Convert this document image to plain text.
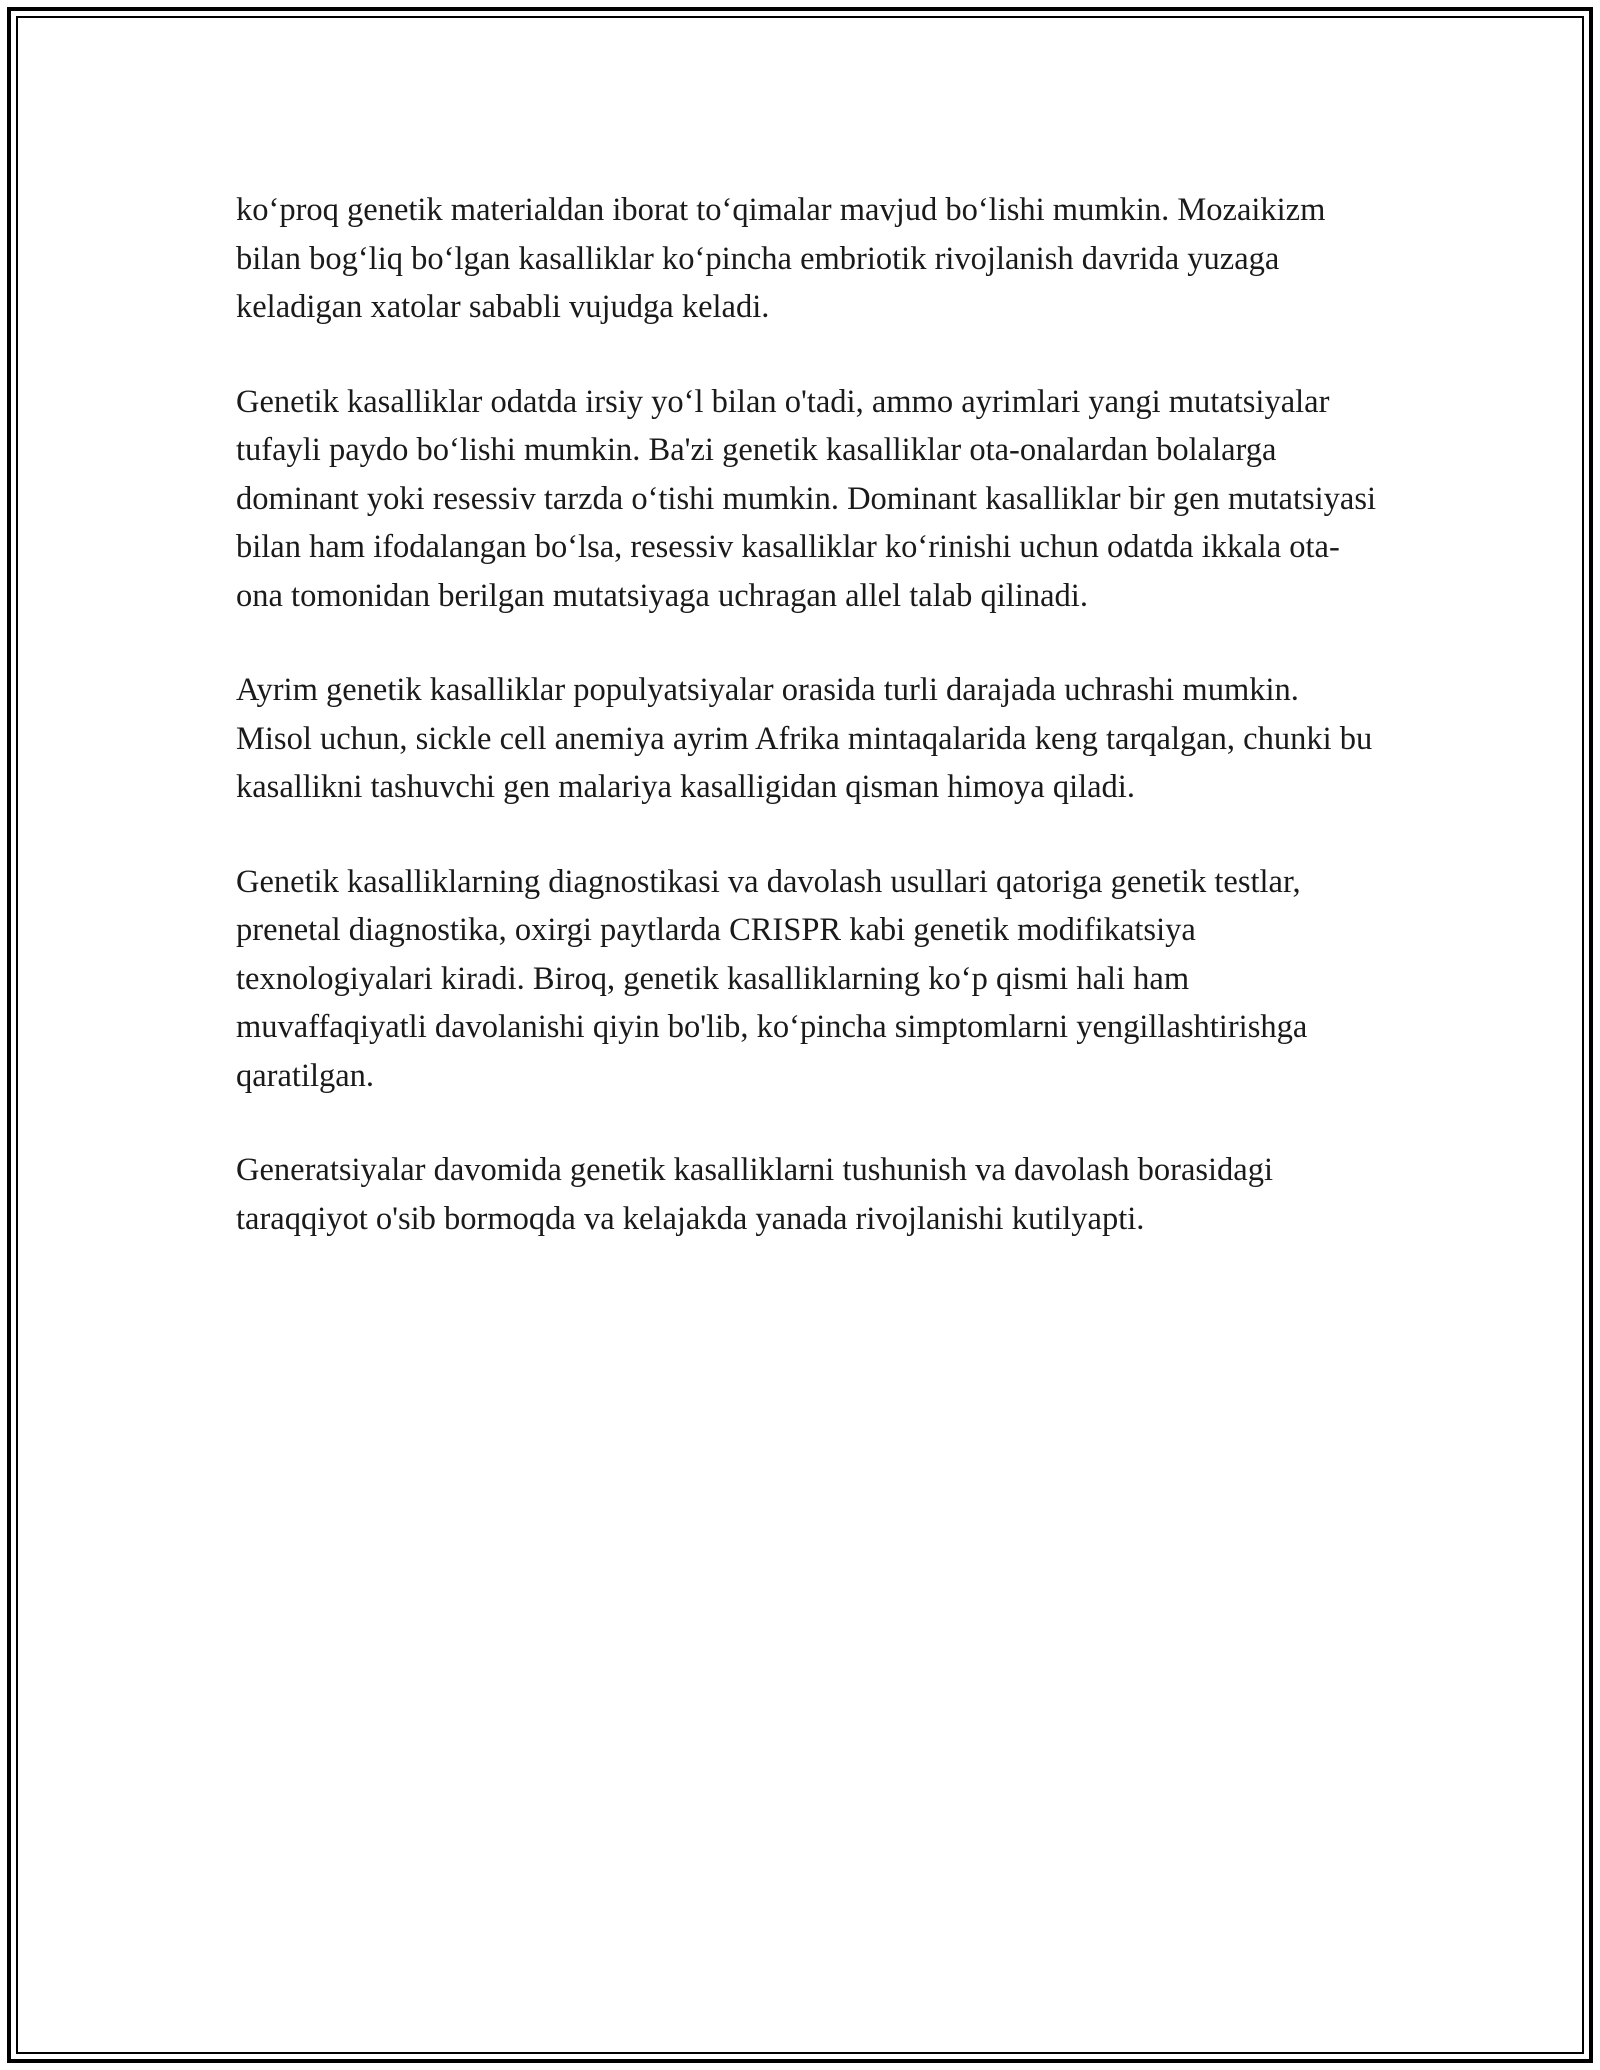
ko‘proq genetik materialdan iborat to‘qimalar mavjud bo‘lishi mumkin. Mozaikizm bilan bog‘liq bo‘lgan kasalliklar ko‘pincha embriotik rivojlanish davrida yuzaga keladigan xatolar sababli vujudga keladi.

Genetik kasalliklar odatda irsiy yo‘l bilan o'tadi, ammo ayrimlari yangi mutatsiyalar tufayli paydo bo‘lishi mumkin. Ba'zi genetik kasalliklar ota-onalardan bolalarga dominant yoki resessiv tarzda o‘tishi mumkin. Dominant kasalliklar bir gen mutatsiyasi bilan ham ifodalangan bo‘lsa, resessiv kasalliklar ko‘rinishi uchun odatda ikkala ota-ona tomonidan berilgan mutatsiyaga uchragan allel talab qilinadi.

Ayrim genetik kasalliklar populyatsiyalar orasida turli darajada uchrashi mumkin. Misol uchun, sickle cell anemiya ayrim Afrika mintaqalarida keng tarqalgan, chunki bu kasallikni tashuvchi gen malariya kasalligidan qisman himoya qiladi.

Genetik kasalliklarning diagnostikasi va davolash usullari qatoriga genetik testlar, prenetal diagnostika, oxirgi paytlarda CRISPR kabi genetik modifikatsiya texnologiyalari kiradi. Biroq, genetik kasalliklarning ko‘p qismi hali ham muvaffaqiyatli davolanishi qiyin bo'lib, ko‘pincha simptomlarni yengillashtirishga qaratilgan.

Generatsiyalar davomida genetik kasalliklarni tushunish va davolash borasidagi taraqqiyot o'sib bormoqda va kelajakda yanada rivojlanishi kutilyapti.
